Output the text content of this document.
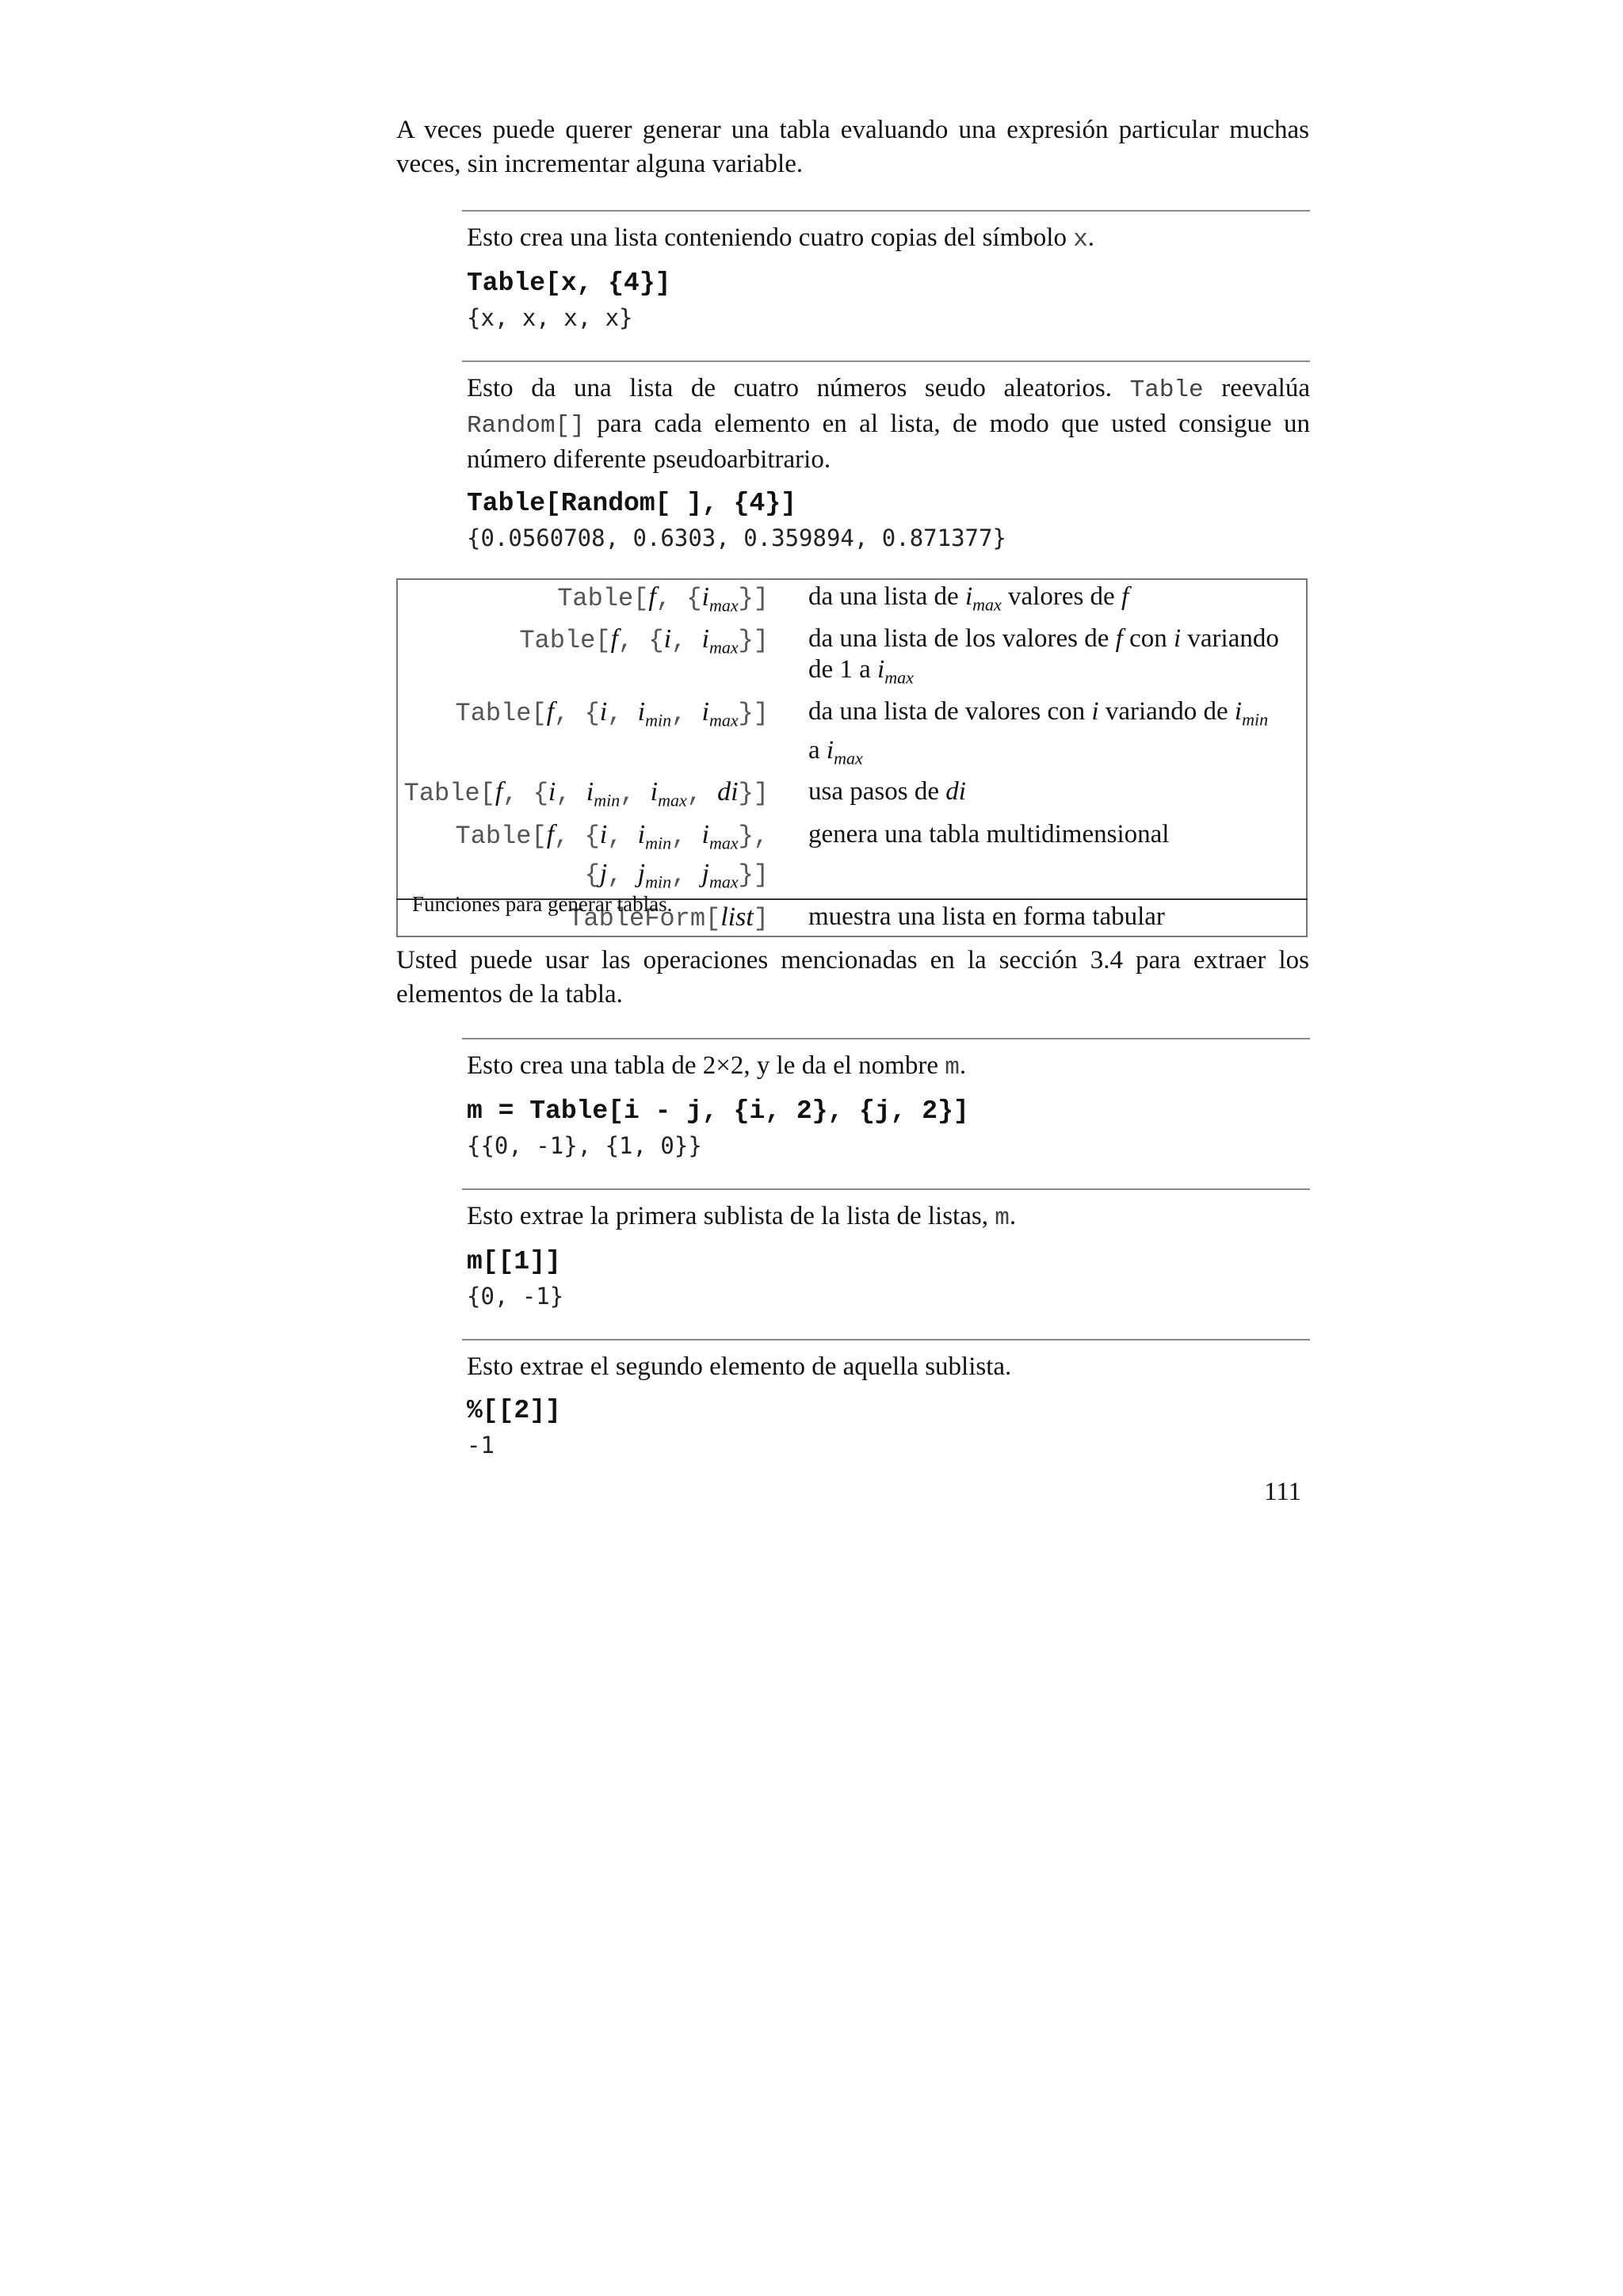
A veces puede querer generar una tabla evaluando una expresión particular muchas veces, sin incrementar alguna variable.

Esto crea una lista conteniendo cuatro copias del símbolo x.
Table[x, {4}]
{x, x, x, x}
Esto da una lista de cuatro números seudo aleatorios. Table reevalúa Random[] para cada elemento en al lista, de modo que usted consigue un número diferente pseudoarbitrario.
Table[Random[ ], {4}]
{0.0560708, 0.6303, 0.359894, 0.871377}
Table[f, $\{i_{max}\}$]	da una lista de $i_{max}$ valores de f
Table[f, {i, $i_{max}$}]	da una lista de los valores de f con i variando
de 1 a $i_{max}$
Table[f, {i, $i_{min}$, $i_{max}$}]	da una lista de valores con i variando de $i_{min}$
a $i_{max}$
Table[f, {i, $i_{min}$, $i_{max}$, di}]	usa pasos de di
Table[f, {i, $i_{min}$, $i_{max}$},
{j, $j_{min}$, $j_{max}$}]	genera una tabla multidimensional
TableForm[list]	muestra una lista en forma tabular
Funciones para generar tablas.

Usted puede usar las operaciones mencionadas en la sección 3.4 para extraer los elementos de la tabla.

Esto crea una tabla de 2×2, y le da el nombre m.
m = Table[i - j, {i, 2}, {j, 2}]
{{0, -1}, {1, 0}}
Esto extrae la primera sublista de la lista de listas, m.
m[[1]]
{0, -1}
Esto extrae el segundo elemento de aquella sublista.
%[[2]]
-1
111
